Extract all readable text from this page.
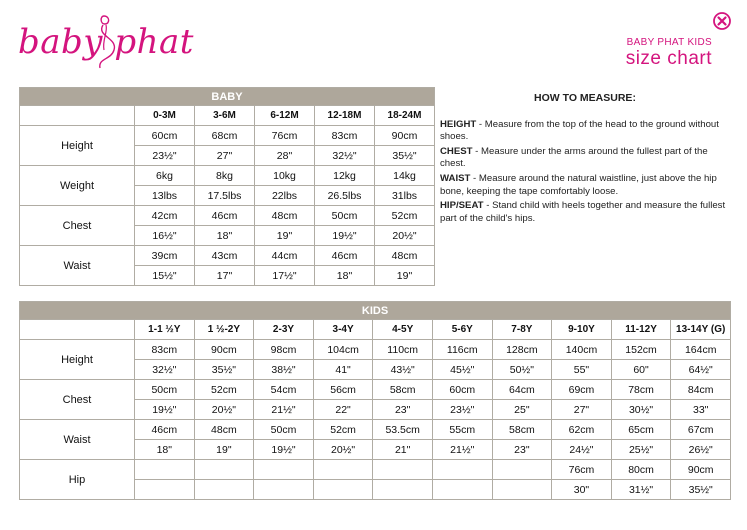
baby phat	BABY PHAT KIDS
size chart
BABY					
	0-3M	3-6M	6-12M	12-18M	18-24M
Height	60cm	68cm	76cm	83cm	90cm
	23½"	27"	28"	32½"	35½"
Weight	6kg	8kg	10kg	12kg	14kg
	13lbs	17.5lbs	22lbs	26.5lbs	31lbs
Chest	42cm	46cm	48cm	50cm	52cm
	16½"	18"	19"	19½"	20½"
Waist	39cm	43cm	44cm	46cm	48cm
	15½"	17"	17½"	18"	19"
HOW TO MEASURE:

HEIGHT - Measure from the top of the head to the ground without shoes.

CHEST - Measure under the arms around the fullest part of the chest.

WAIST - Measure around the natural waistline, just above the hip bone, keeping the tape comfortably loose.

HIP/SEAT - Stand child with heels together and measure the fullest part of the child's hips.

KIDS										
	1-1 ½Y	1 ½-2Y	2-3Y	3-4Y	4-5Y	5-6Y	7-8Y	9-10Y	11-12Y	13-14Y (G)
Height	83cm	90cm	98cm	104cm	110cm	116cm	128cm	140cm	152cm	164cm
	32½"	35½"	38½"	41"	43½"	45½"	50½"	55"	60"	64½"
Chest	50cm	52cm	54cm	56cm	58cm	60cm	64cm	69cm	78cm	84cm
	19½"	20½"	21½"	22"	23"	23½"	25"	27"	30½"	33"
Waist	46cm	48cm	50cm	52cm	53.5cm	55cm	58cm	62cm	65cm	67cm
	18"	19"	19½"	20½"	21"	21½"	23"	24½"	25½"	26½"
Hip								76cm	80cm	90cm
								30"	31½"	35½"
